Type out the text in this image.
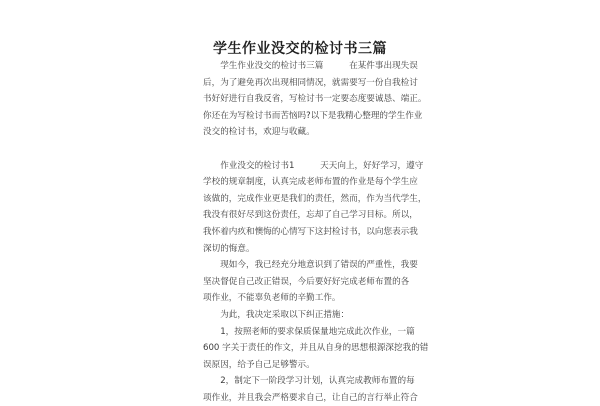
学生作业没交的检讨书三篇
学生作业没交的检讨书三篇　　　在某件事出现失误
后，为了避免再次出现相同情况，就需要写一份自我检讨
书好好进行自我反省，写检讨书一定要态度要诚恳、端正。
你还在为写检讨书而苦恼吗?以下是我精心整理的学生作业
没交的检讨书，欢迎与收藏。
作业没交的检讨书1　　　天天向上，好好学习，遵守
学校的规章制度，认真完成老师布置的作业是每个学生应
该做的，完成作业更是我们的责任，然而，作为当代学生，
我没有很好尽到这份责任，忘却了自己学习目标。所以，
我怀着内疚和懊悔的心情写下这封检讨书，以向您表示我
深切的悔意。
现如今，我已经充分地意识到了错误的严重性，我要
坚决督促自己改正错误，今后要好好完成老师布置的各
项作业，不能辜负老师的辛勤工作。
为此，我决定采取以下纠正措施：
1，按照老师的要求保质保量地完成此次作业，一篇
600 字关于责任的作文，并且从自身的思想根源深挖我的错
误原因，给予自己足够警示。
2，制定下一阶段学习计划，认真完成教师布置的每
项作业，并且我会严格要求自己，让自己的言行举止符合
